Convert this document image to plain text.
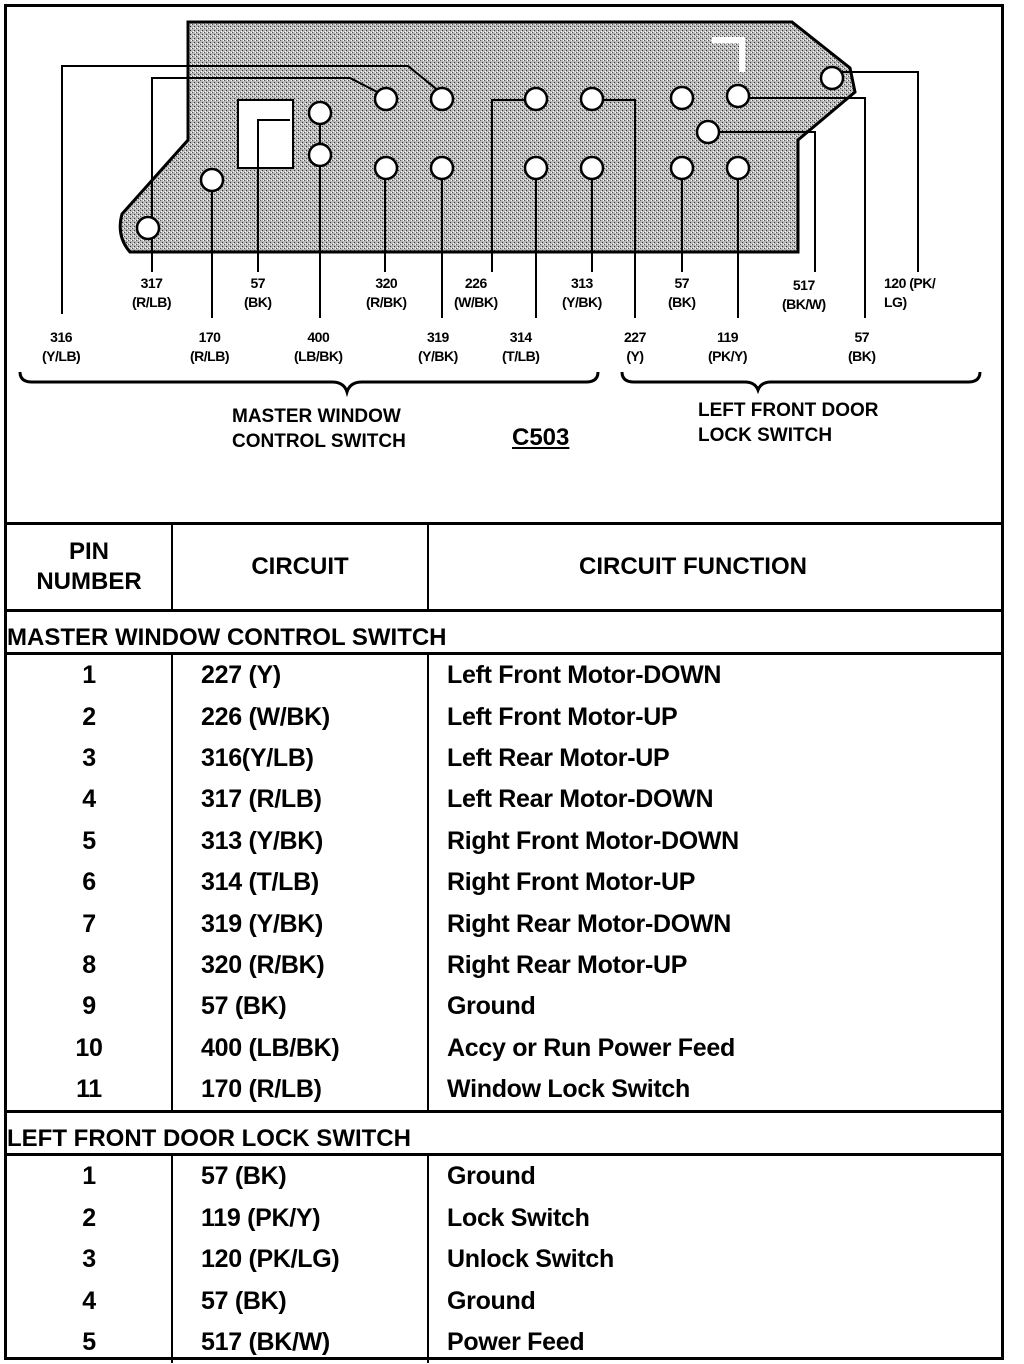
316
(Y/LB)
317
(R/LB)
170
(R/LB)
57
(BK)
400
(LB/BK)
320
(R/BK)
319
(Y/BK)
226
(W/BK)
314
(T/LB)
313
(Y/BK)
227
(Y)
57
(BK)
119
(PK/Y)
517
(BK/W)
57
(BK)
120 (PK/
LG)
MASTER WINDOW
CONTROL SWITCH
LEFT FRONT DOOR
LOCK SWITCH
C503
PIN
NUMBER	CIRCUIT	CIRCUIT FUNCTION
MASTER WINDOW CONTROL SWITCH		
1	227 (Y)	Left Front Motor-DOWN
2	226 (W/BK)	Left Front Motor-UP
3	316(Y/LB)	Left Rear Motor-UP
4	317 (R/LB)	Left Rear Motor-DOWN
5	313 (Y/BK)	Right Front Motor-DOWN
6	314 (T/LB)	Right Front Motor-UP
7	319 (Y/BK)	Right Rear Motor-DOWN
8	320 (R/BK)	Right Rear Motor-UP
9	57 (BK)	Ground
10	400 (LB/BK)	Accy or Run Power Feed
11	170 (R/LB)	Window Lock Switch
LEFT FRONT DOOR LOCK SWITCH		
1	57 (BK)	Ground
2	119 (PK/Y)	Lock Switch
3	120 (PK/LG)	Unlock Switch
4	57 (BK)	Ground
5	517 (BK/W)	Power Feed
